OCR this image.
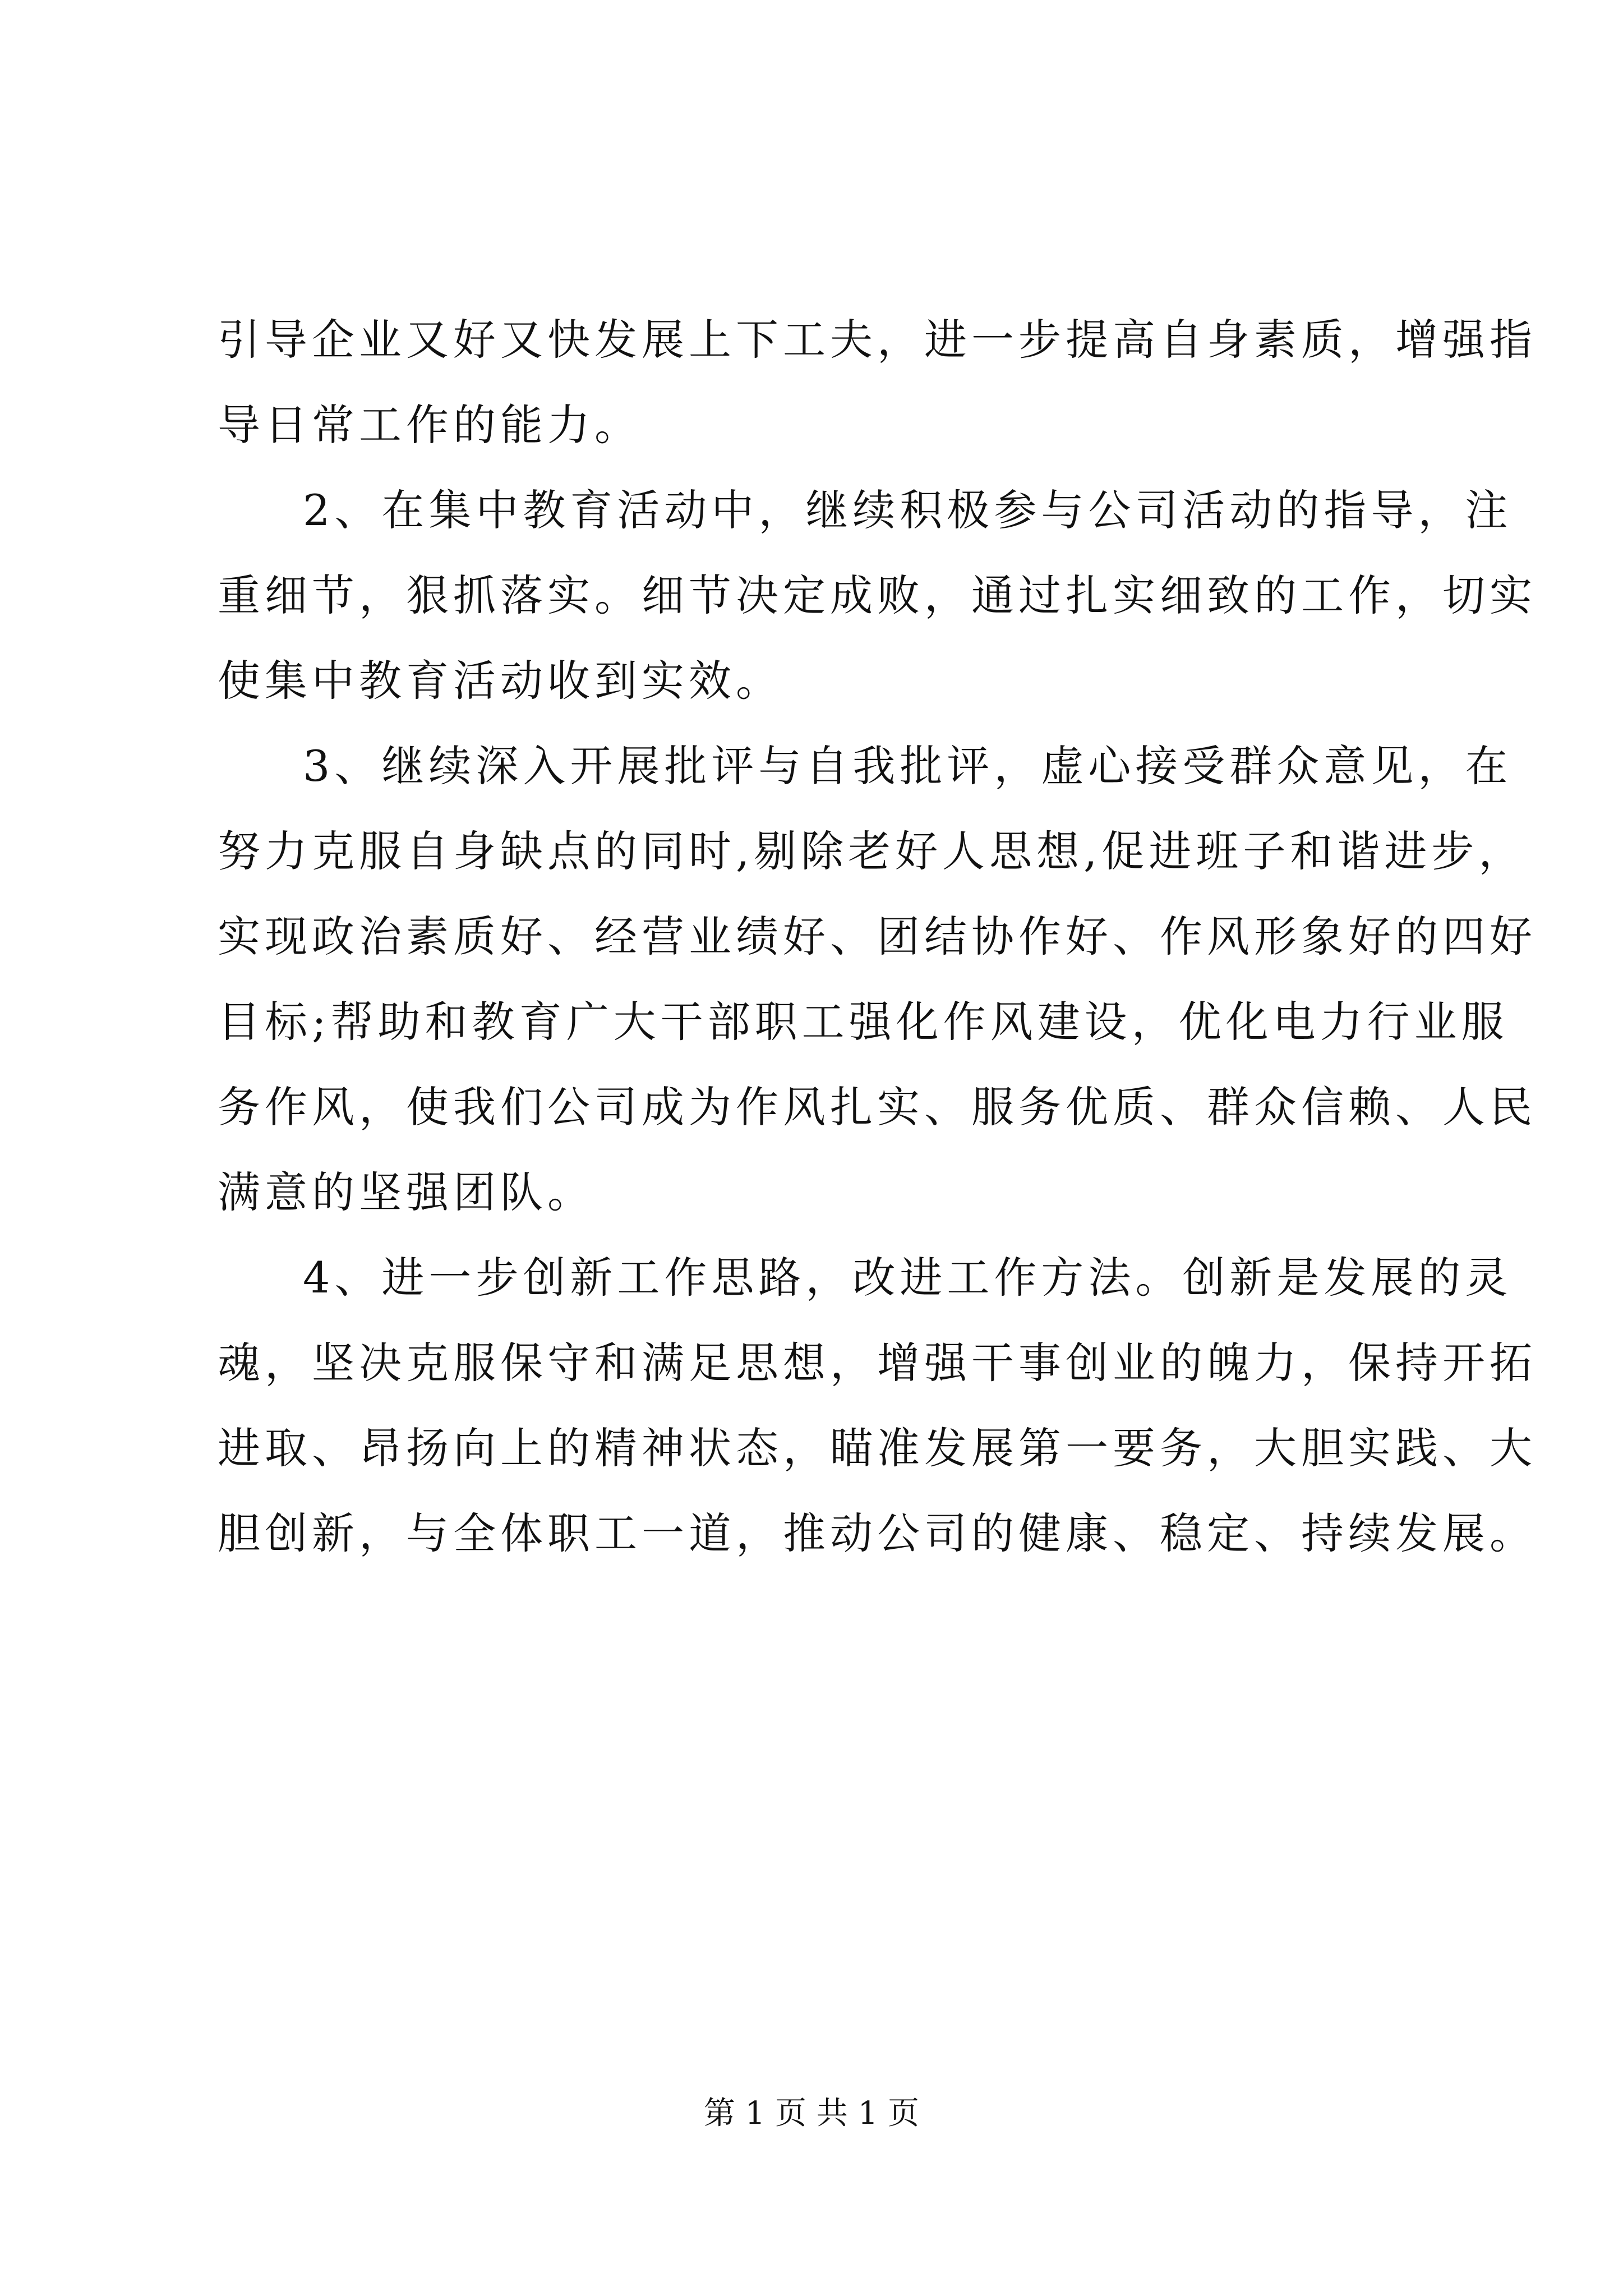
引导企业又好又快发展上下工夫，进一步提高自身素质，增强指
导日常工作的能力。
2、在集中教育活动中，继续积极参与公司活动的指导，注
重细节，狠抓落实。细节决定成败，通过扎实细致的工作，切实
使集中教育活动收到实效。
3、继续深入开展批评与自我批评，虚心接受群众意见，在
努力克服自身缺点的同时,剔除老好人思想,促进班子和谐进步，
实现政治素质好、经营业绩好、团结协作好、作风形象好的四好
目标;帮助和教育广大干部职工强化作风建设，优化电力行业服
务作风，使我们公司成为作风扎实、服务优质、群众信赖、人民
满意的坚强团队。
4、进一步创新工作思路，改进工作方法。创新是发展的灵
魂，坚决克服保守和满足思想，增强干事创业的魄力，保持开拓
进取、昂扬向上的精神状态，瞄准发展第一要务，大胆实践、大
胆创新，与全体职工一道，推动公司的健康、稳定、持续发展。
第 1 页 共 1 页
